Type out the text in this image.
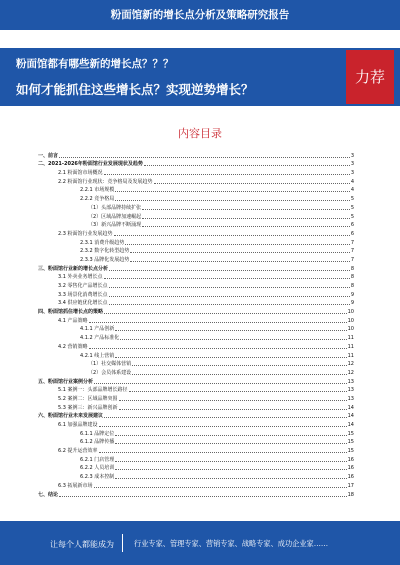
粉面馆新的增长点分析及策略研究报告
粉面馆都有哪些新的增长点？？？
如何才能抓住这些增长点？实现逆势增长？
力荐
内容目录
一、前言	3
二、2021-2026年粉面馆行业发展现状及趋势	3
2.1 粉面馆市场概况	3
2.2 粉面馆行业现状：竞争格局及发展趋势	4
2.2.1 市场规模	4
2.2.2 竞争格局	5
（1）头部品牌持续扩张	5
（2）区域品牌加速崛起	5
（3）新兴品牌不断涌现	6
2.3 粉面馆行业发展趋势	6
2.3.1 消费升级趋势	7
2.3.2 数字化转型趋势	7
2.3.3 品牌化发展趋势	7
三、粉面馆行业新的增长点分析	8
3.1 外卖业务增长点	8
3.2 零售化产品增长点	8
3.3 场景化消费增长点	9
3.4 供应链优化增长点	9
四、粉面馆抓住增长点的策略	10
4.1 产品策略	10
4.1.1 产品创新	10
4.1.2 产品标准化	11
4.2 营销策略	11
4.2.1 线上营销	11
（1）社交媒体营销	12
（2）会员体系建设	12
五、粉面馆行业案例分析	13
5.1 案例一：头部品牌增长路径	13
5.2 案例二：区域品牌突围	13
5.3 案例三：新兴品牌创新	14
六、粉面馆行业未来发展建议	14
6.1 加强品牌建设	14
6.1.1 品牌定位	15
6.1.2 品牌传播	15
6.2 提升运营效率	15
6.2.1 门店管理	16
6.2.2 人员培训	16
6.2.3 成本控制	16
6.3 拓展新市场	17
七、结论	18
让每个人都能成为	行业专家、管理专家、营销专家、战略专家、成功企业家……
